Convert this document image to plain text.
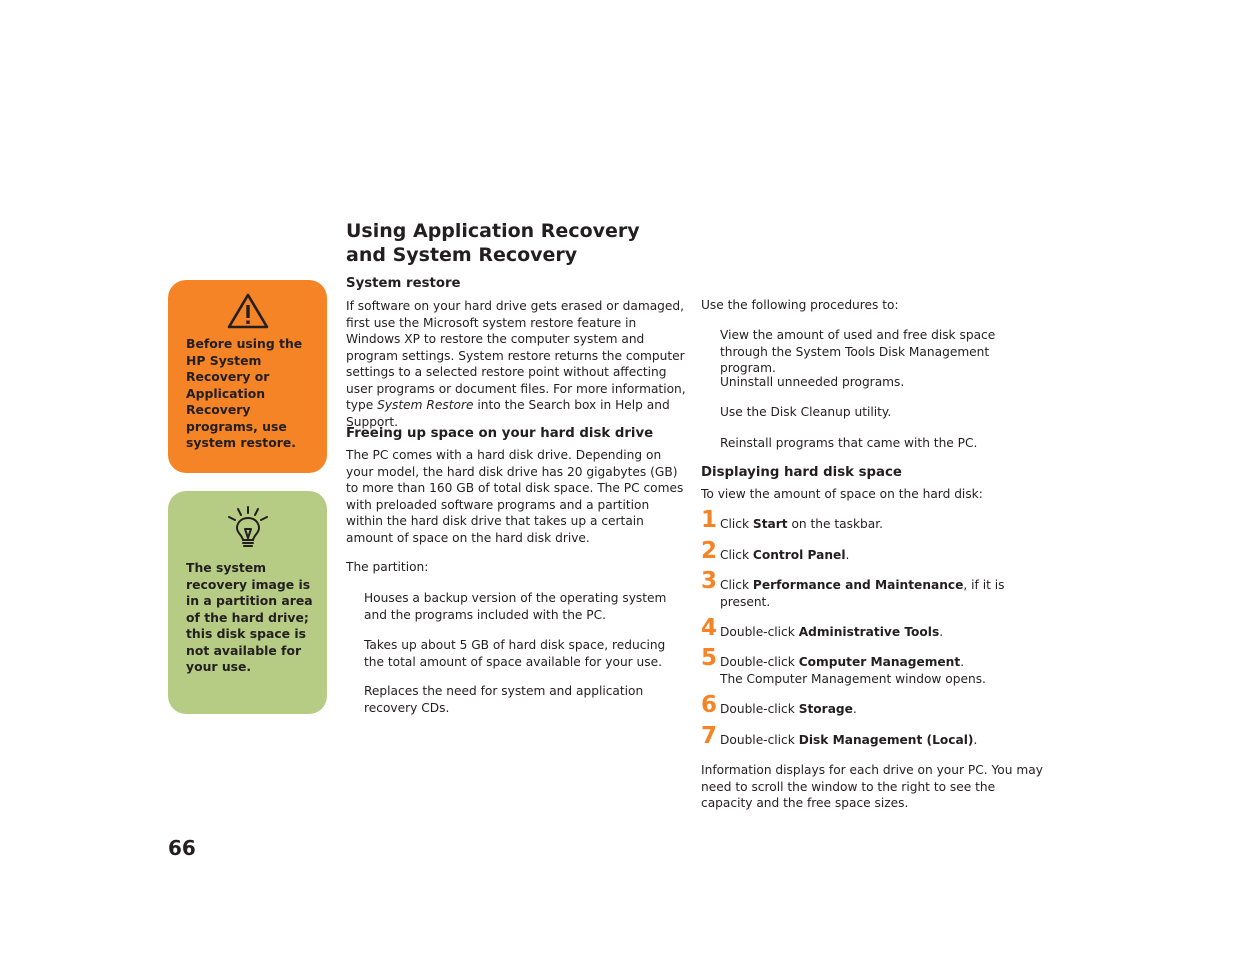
Before using the HP System Recovery or Application Recovery programs, use system restore.
The system recovery image is in a partition area of the hard drive; this disk space is not available for your use.
Using Application Recovery and System Recovery
System restore

If software on your hard drive gets erased or damaged, first use the Microsoft system restore feature in Windows XP to restore the computer system and program settings. System restore returns the computer settings to a selected restore point without affecting user programs or document files. For more information, type System Restore into the Search box in Help and Support.

Freeing up space on your hard disk drive

The PC comes with a hard disk drive. Depending on your model, the hard disk drive has 20 gigabytes (GB) to more than 160 GB of total disk space. The PC comes with preloaded software programs and a partition within the hard disk drive that takes up a certain amount of space on the hard disk drive.

The partition:

Houses a backup version of the operating system and the programs included with the PC.

Takes up about 5 GB of hard disk space, reducing the total amount of space available for your use.

Replaces the need for system and application recovery CDs.

Use the following procedures to:

View the amount of used and free disk space through the System Tools Disk Management program.

Uninstall unneeded programs.

Use the Disk Cleanup utility.

Reinstall programs that came with the PC.

Displaying hard disk space

To view the amount of space on the hard disk:

1 Click Start on the taskbar.
2 Click Control Panel.
3 Click Performance and Maintenance, if it is present.
4 Double-click Administrative Tools.
5 Double-click Computer Management.
The Computer Management window opens.
6 Double-click Storage.
7 Double-click Disk Management (Local).

Information displays for each drive on your PC. You may need to scroll the window to the right to see the capacity and the free space sizes.

66
